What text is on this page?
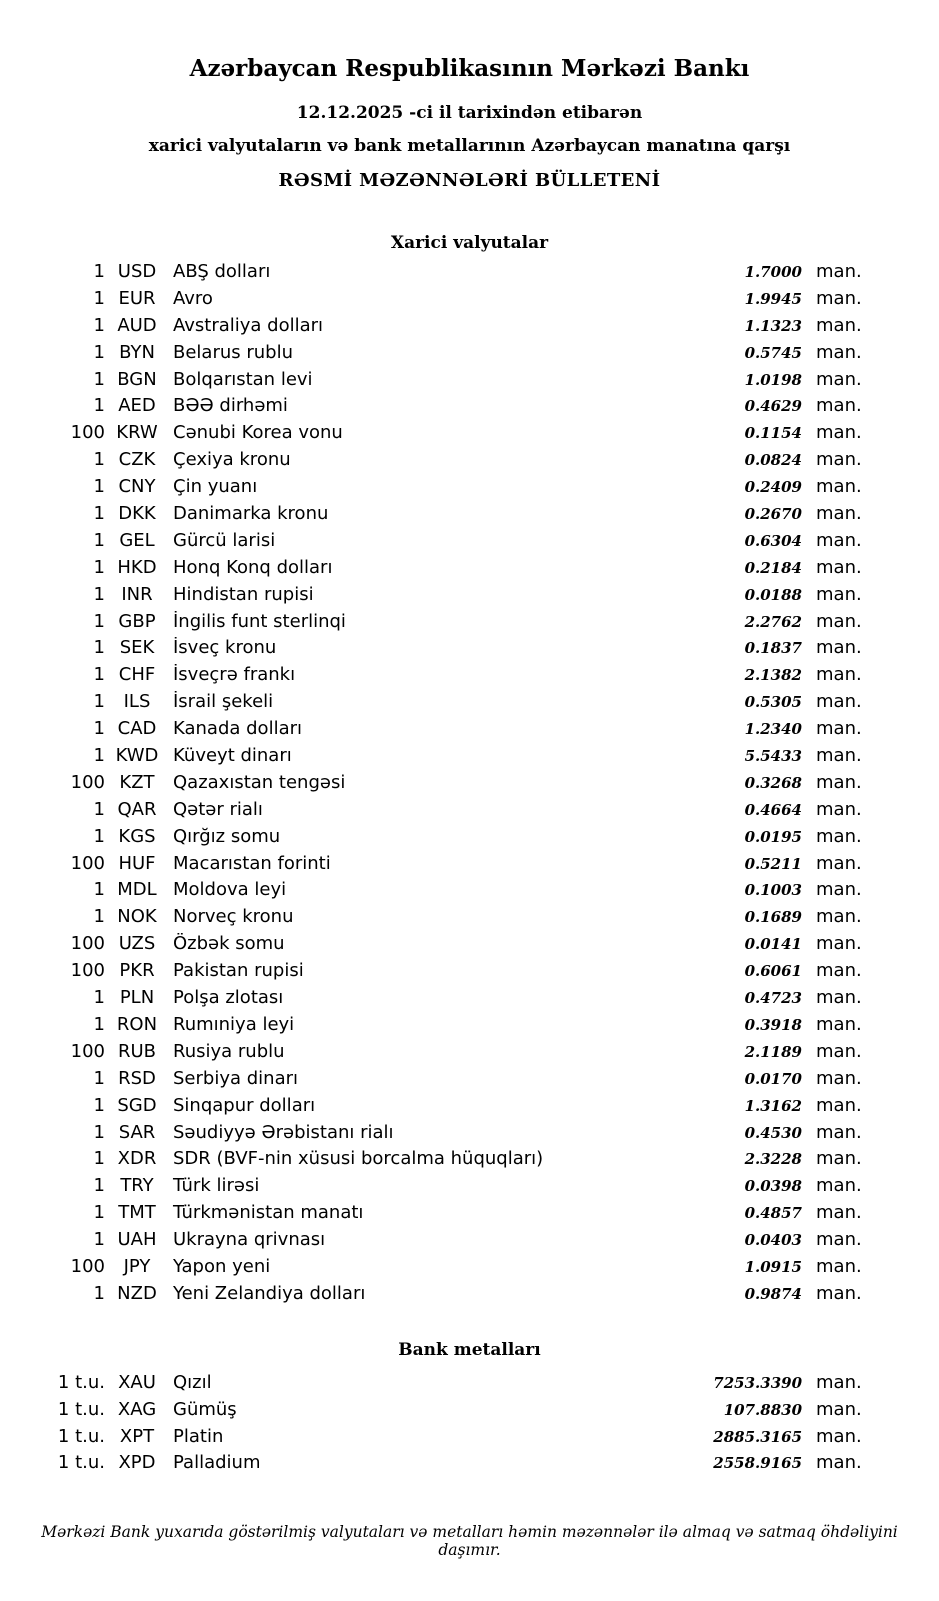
Azərbaycan Respublikasının Mərkəzi Bankı

12.12.2025 -ci il tarixindən etibarən

xarici valyutaların və bank metallarının Azərbaycan manatına qarşı

RƏSMİ MƏZƏNNƏLƏRİ BÜLLETENİ

Xarici valyutalar
1 USD ABŞ dolları	1.7000 man.
1 EUR Avro	1.9945 man.
1 AUD Avstraliya dolları	1.1323 man.
1 BYN	Belarus rublu	0.5745 man.
1 BGN Bolqarıstan levi	1.0198 man.
1 AED BƏƏ dirhəmi	0.4629 man.
100 KRW Cənubi Korea vonu	0.1154 man.
1 CZK Çexiya kronu	0.0824 man.
1 CNY Çin yuanı	0.2409 man.
1 DKK Danimarka kronu	0.2670 man.
1 GEL	Gürcü larisi	0.6304 man.
1 HKD Honq Konq dolları	0.2184 man.
1 INR	Hindistan rupisi	0.0188 man.
1 GBP İngilis funt sterlinqi	2.2762 man.
1 SEK	İsveç kronu	0.1837 man.
1 CHF İsveçrə frankı	2.1382 man.
1	ILS	İsrail şekeli	0.5305 man.
1 CAD Kanada dolları	1.2340 man.
1 KWD Küveyt dinarı	5.5433 man.
100 KZT	Qazaxıstan tengəsi	0.3268 man.
1 QAR Qətər rialı	0.4664 man.
1 KGS Qırğız somu	0.0195 man.
100 HUF Macarıstan forinti	0.5211 man.
1 MDL Moldova leyi	0.1003 man.
1 NOK Norveç kronu	0.1689 man.
100 UZS Özbək somu	0.0141 man.
100 PKR	Pakistan rupisi	0.6061 man.
1 PLN	Polşa zlotası	0.4723 man.
1 RON Rumıniya leyi	0.3918 man.
100 RUB Rusiya rublu	2.1189 man.
1 RSD Serbiya dinarı	0.0170 man.
1 SGD Sinqapur dolları	1.3162 man.
1 SAR Səudiyyə Ərəbistanı rialı	0.4530 man.
1 XDR SDR (BVF-nin xüsusi borcalma hüquqları)	2.3228 man.
1 TRY	Türk lirəsi	0.0398 man.
1 TMT Türkmənistan manatı	0.4857 man.
1 UAH Ukrayna qrivnası	0.0403 man.
100	JPY	Yapon yeni	1.0915 man.
1 NZD Yeni Zelandiya dolları	0.9874 man.
Bank metalları
1 t.u. XAU Qızıl	7253.3390 man.
1 t.u. XAG Gümüş	107.8830 man.
1 t.u. XPT	Platin	2885.3165 man.
1 t.u. XPD Palladium	2558.9165 man.

Mərkəzi Bank yuxarıda göstərilmiş valyutaları və metalları həmin məzənnələr ilə almaq və satmaq öhdəliyini daşımır.
